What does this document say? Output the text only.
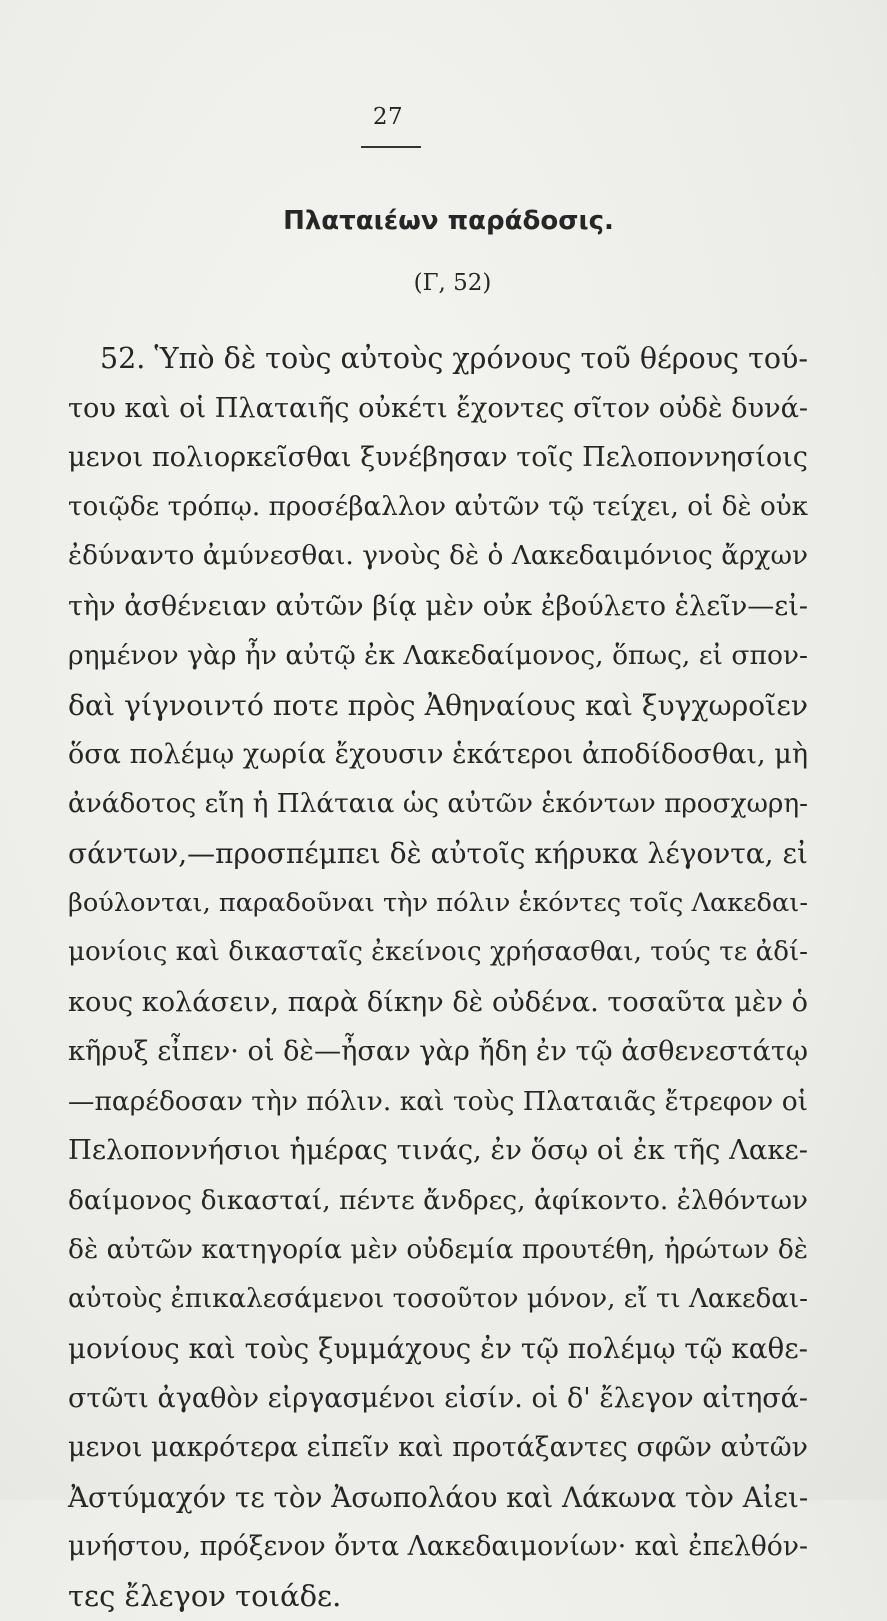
27
Πλαταιέων παράδοσις.
(Γ, 52)
52. Ὑπὸ δὲ τοὺς αὐτοὺς χρόνους τοῦ θέρους τού-
του καὶ οἱ Πλαταιῆς οὐκέτι ἔχοντες σῖτον οὐδὲ δυνά-
μενοι πολιορκεῖσθαι ξυνέβησαν τοῖς Πελοποννησίοις
τοιῷδε τρόπῳ. προσέβαλλον αὐτῶν τῷ τείχει, οἱ δὲ οὐκ
ἐδύναντο ἀμύνεσθαι. γνοὺς δὲ ὁ Λακεδαιμόνιος ἄρχων
τὴν ἀσθένειαν αὐτῶν βίᾳ μὲν οὐκ ἐβούλετο ἑλεῖν—εἰ-
ρημένον γὰρ ἦν αὐτῷ ἐκ Λακεδαίμονος, ὅπως, εἰ σπον-
δαὶ γίγνοιντό ποτε πρὸς Ἀθηναίους καὶ ξυγχωροῖεν
ὅσα πολέμῳ χωρία ἔχουσιν ἑκάτεροι ἀποδίδοσθαι, μὴ
ἀνάδοτος εἴη ἡ Πλάταια ὡς αὐτῶν ἑκόντων προσχωρη-
σάντων,—προσπέμπει δὲ αὐτοῖς κήρυκα λέγοντα, εἰ
βούλονται, παραδοῦναι τὴν πόλιν ἑκόντες τοῖς Λακεδαι-
μονίοις καὶ δικασταῖς ἐκείνοις χρήσασθαι, τούς τε ἀδί-
κους κολάσειν, παρὰ δίκην δὲ οὐδένα. τοσαῦτα μὲν ὁ
κῆρυξ εἶπεν· οἱ δὲ—ἦσαν γὰρ ἤδη ἐν τῷ ἀσθενεστάτῳ
—παρέδοσαν τὴν πόλιν. καὶ τοὺς Πλαταιᾶς ἔτρεφον οἱ
Πελοποννήσιοι ἡμέρας τινάς, ἐν ὅσῳ οἱ ἐκ τῆς Λακε-
δαίμονος δικασταί, πέντε ἄνδρες, ἀφίκοντο. ἐλθόντων
δὲ αὐτῶν κατηγορία μὲν οὐδεμία προυτέθη, ἠρώτων δὲ
αὐτοὺς ἐπικαλεσάμενοι τοσοῦτον μόνον, εἴ τι Λακεδαι-
μονίους καὶ τοὺς ξυμμάχους ἐν τῷ πολέμῳ τῷ καθε-
στῶτι ἀγαθὸν εἰργασμένοι εἰσίν. οἱ δ' ἔλεγον αἰτησά-
μενοι μακρότερα εἰπεῖν καὶ προτάξαντες σφῶν αὐτῶν
Ἀστύμαχόν τε τὸν Ἀσωπολάου καὶ Λάκωνα τὸν Αἰει-
μνήστου, πρόξενον ὄντα Λακεδαιμονίων· καὶ ἐπελθόν-
τες ἔλεγον τοιάδε.
